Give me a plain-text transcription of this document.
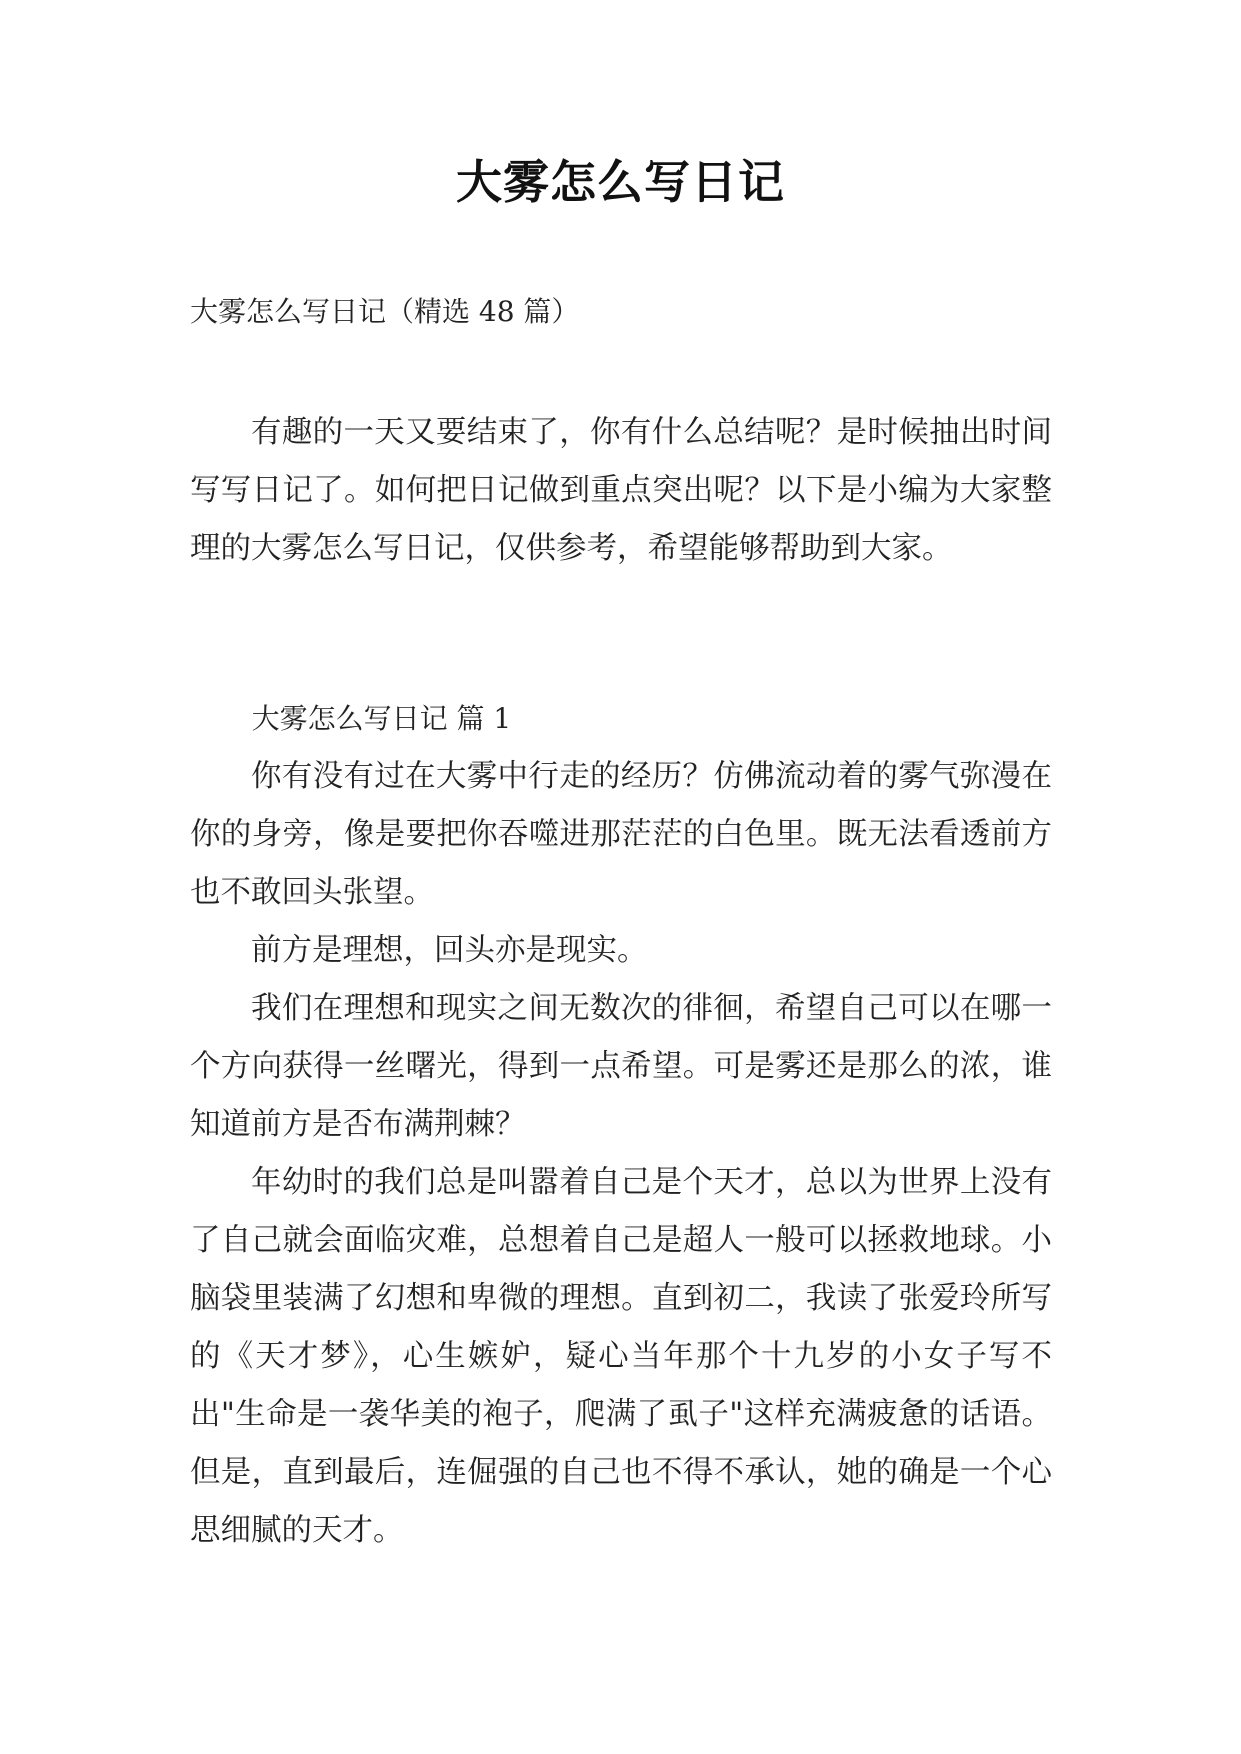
大雾怎么写日记
大雾怎么写日记（精选 48 篇）

有趣的一天又要结束了，你有什么总结呢？是时候抽出时间写写日记了。如何把日记做到重点突出呢？以下是小编为大家整理的大雾怎么写日记，仅供参考，希望能够帮助到大家。

大雾怎么写日记 篇 1

你有没有过在大雾中行走的经历？仿佛流动着的雾气弥漫在你的身旁，像是要把你吞噬进那茫茫的白色里。既无法看透前方也不敢回头张望。

前方是理想，回头亦是现实。

我们在理想和现实之间无数次的徘徊，希望自己可以在哪一个方向获得一丝曙光，得到一点希望。可是雾还是那么的浓，谁知道前方是否布满荆棘？

年幼时的我们总是叫嚣着自己是个天才，总以为世界上没有了自己就会面临灾难，总想着自己是超人一般可以拯救地球。小脑袋里装满了幻想和卑微的理想。直到初二，我读了张爱玲所写的《天才梦》，心生嫉妒，疑心当年那个十九岁的小女子写不出"生命是一袭华美的袍子，爬满了虱子"这样充满疲惫的话语。但是，直到最后，连倔强的自己也不得不承认，她的确是一个心思细腻的天才。
